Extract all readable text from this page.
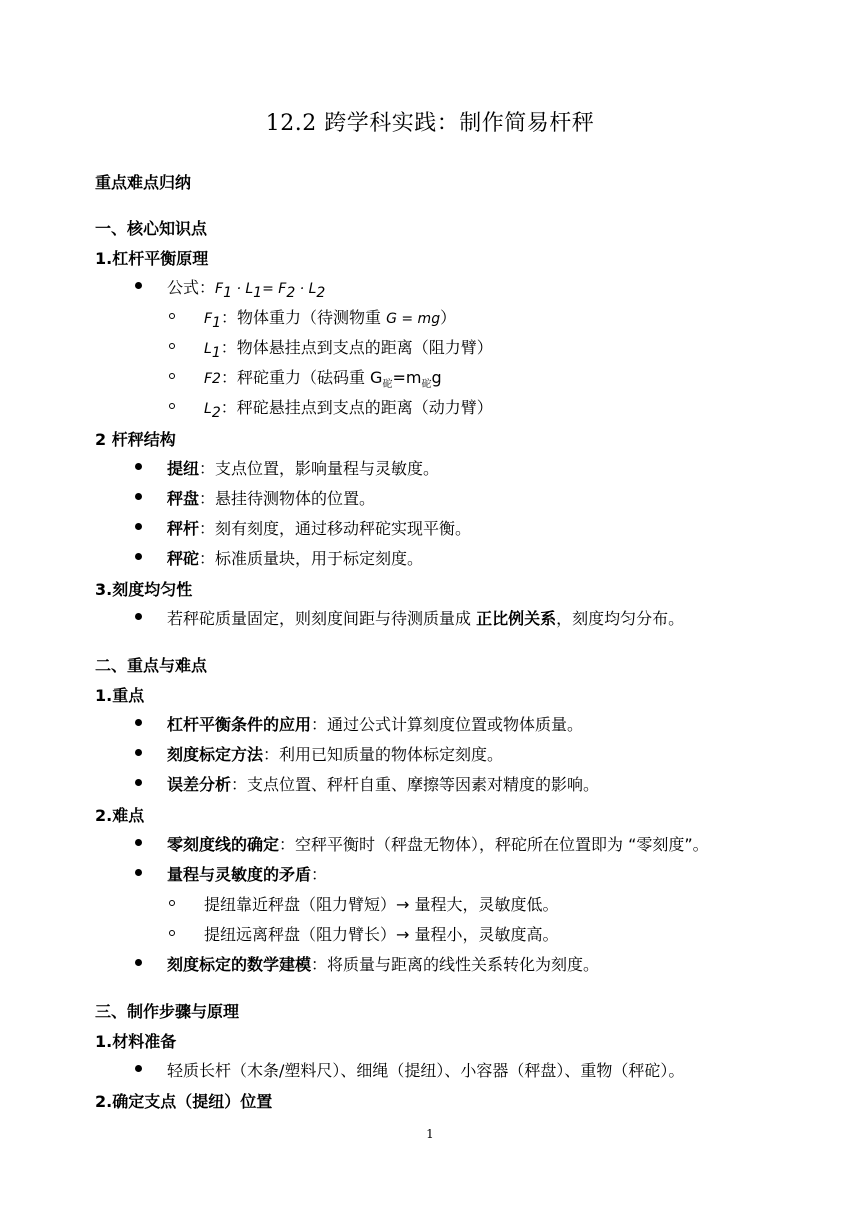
12.2 跨学科实践：制作简易杆秤
重点难点归纳
一、核心知识点
1.杠杆平衡原理
公式：$F_1 \cdot L_1= F_2 \cdot L_2$
$F_1$：物体重力（待测物重 G = mg）
$L_1$：物体悬挂点到支点的距离（阻力臂）
F2：秤砣重力（砝码重 $G_砣=m_砣g$
$L_2$：秤砣悬挂点到支点的距离（动力臂）
2 杆秤结构
提纽：支点位置，影响量程与灵敏度。
秤盘：悬挂待测物体的位置。
秤杆：刻有刻度，通过移动秤砣实现平衡。
秤砣：标准质量块，用于标定刻度。
3.刻度均匀性
若秤砣质量固定，则刻度间距与待测质量成 正比例关系，刻度均匀分布。
二、重点与难点
1.重点
杠杆平衡条件的应用：通过公式计算刻度位置或物体质量。
刻度标定方法：利用已知质量的物体标定刻度。
误差分析：支点位置、秤杆自重、摩擦等因素对精度的影响。
2.难点
零刻度线的确定：空秤平衡时（秤盘无物体），秤砣所在位置即为 “零刻度”。
量程与灵敏度的矛盾：
提纽靠近秤盘（阻力臂短）→ 量程大，灵敏度低。
提纽远离秤盘（阻力臂长）→ 量程小，灵敏度高。
刻度标定的数学建模：将质量与距离的线性关系转化为刻度。
三、制作步骤与原理
1.材料准备
轻质长杆（木条/塑料尺）、细绳（提纽）、小容器（秤盘）、重物（秤砣）。
2.确定支点（提纽）位置
1
